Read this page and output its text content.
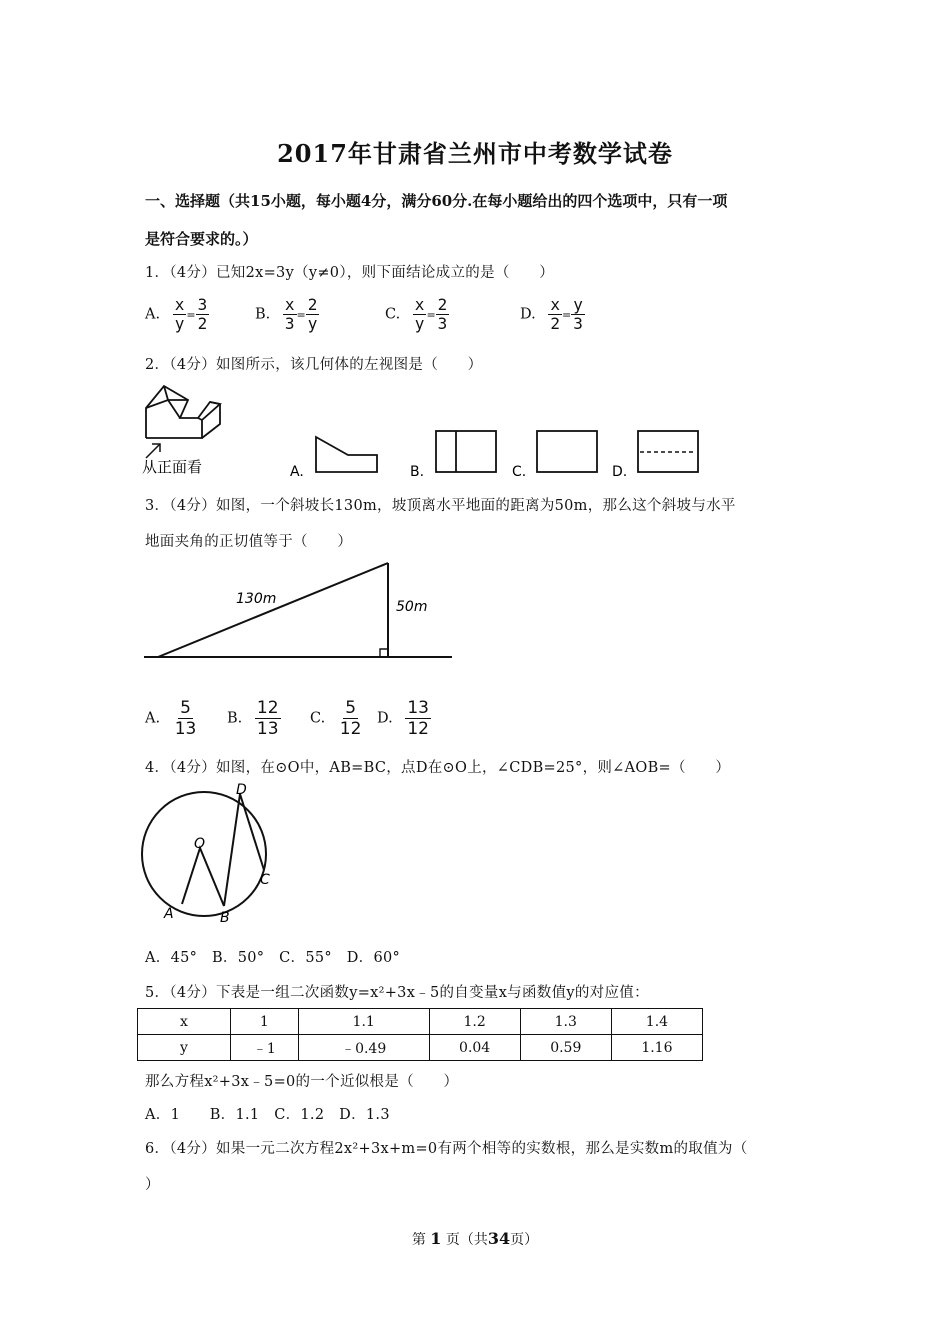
2017年甘肃省兰州市中考数学试卷
一、选择题（共15小题，每小题4分，满分60分.在每小题给出的四个选项中，只有一项
是符合要求的。）
1．（4分）已知2x=3y（y≠0），则下面结论成立的是（　　）
A. $\frac{x}{y} = \frac{3}{2}$	B. $\frac{x}{3} = \frac{2}{y}$	C. $\frac{x}{y} = \frac{2}{3}$	D. $\frac{x}{2} = \frac{y}{3}$
2．（4分）如图所示，该几何体的左视图是（　　）
从正面看	A.	B.	C.	D.
3．（4分）如图，一个斜坡长130m，坡顶离水平地面的距离为50m，那么这个斜坡与水平
地面夹角的正切值等于（　　）
130m	50m
A. $\frac{5}{13} B$. $\frac{12}{13} C$. $\frac{5}{12} D$. $\frac{13}{12}$
4．（4分）如图，在⊙O中，AB=BC，点D在⊙O上，∠CDB=25°，则∠AOB=（　　）
O
A	B
C
D
A．45°　B．50°　C．55°　D．60°
5．（4分）下表是一组二次函数y=x²+3x﹣5的自变量x与函数值y的对应值：
x	1	1.1	1.2	1.3	1.4
y	﹣1	﹣0.49	0.04	0.59	1.16
那么方程x²+3x﹣5=0的一个近似根是（　　）
A．1　　B．1.1　C．1.2　D．1.3
6．（4分）如果一元二次方程2x²+3x+m=0有两个相等的实数根，那么是实数m的取值为（
）
第 1 页（共34页）
